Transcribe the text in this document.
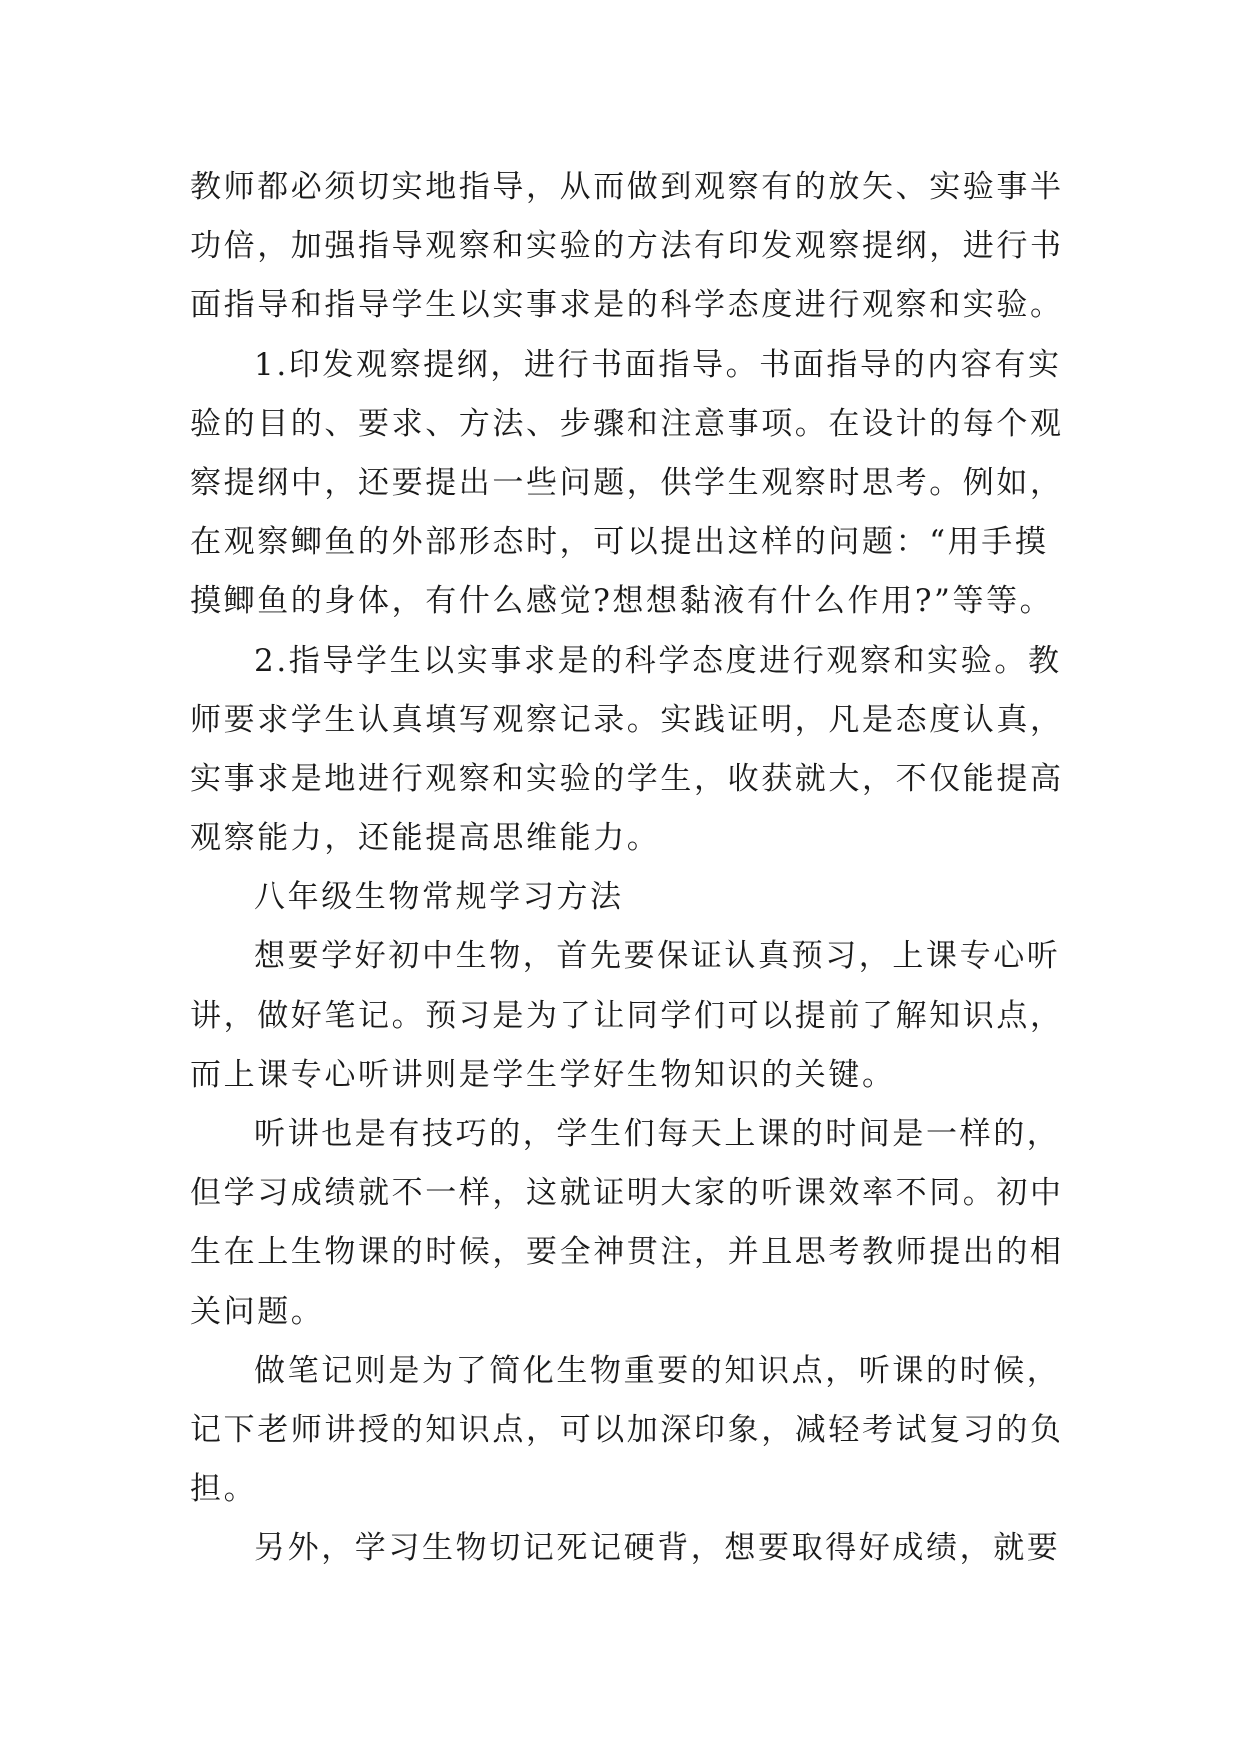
教师都必须切实地指导，从而做到观察有的放矢、实验事半
功倍，加强指导观察和实验的方法有印发观察提纲，进行书
面指导和指导学生以实事求是的科学态度进行观察和实验。
1.印发观察提纲，进行书面指导。书面指导的内容有实
验的目的、要求、方法、步骤和注意事项。在设计的每个观
察提纲中，还要提出一些问题，供学生观察时思考。例如，
在观察鲫鱼的外部形态时，可以提出这样的问题：“用手摸
摸鲫鱼的身体，有什么感觉?想想黏液有什么作用?”等等。
2.指导学生以实事求是的科学态度进行观察和实验。教
师要求学生认真填写观察记录。实践证明，凡是态度认真，
实事求是地进行观察和实验的学生，收获就大，不仅能提高
观察能力，还能提高思维能力。
八年级生物常规学习方法
想要学好初中生物，首先要保证认真预习，上课专心听
讲，做好笔记。预习是为了让同学们可以提前了解知识点，
而上课专心听讲则是学生学好生物知识的关键。
听讲也是有技巧的，学生们每天上课的时间是一样的，
但学习成绩就不一样，这就证明大家的听课效率不同。初中
生在上生物课的时候，要全神贯注，并且思考教师提出的相
关问题。
做笔记则是为了简化生物重要的知识点，听课的时候，
记下老师讲授的知识点，可以加深印象，减轻考试复习的负
担。
另外，学习生物切记死记硬背，想要取得好成绩，就要
